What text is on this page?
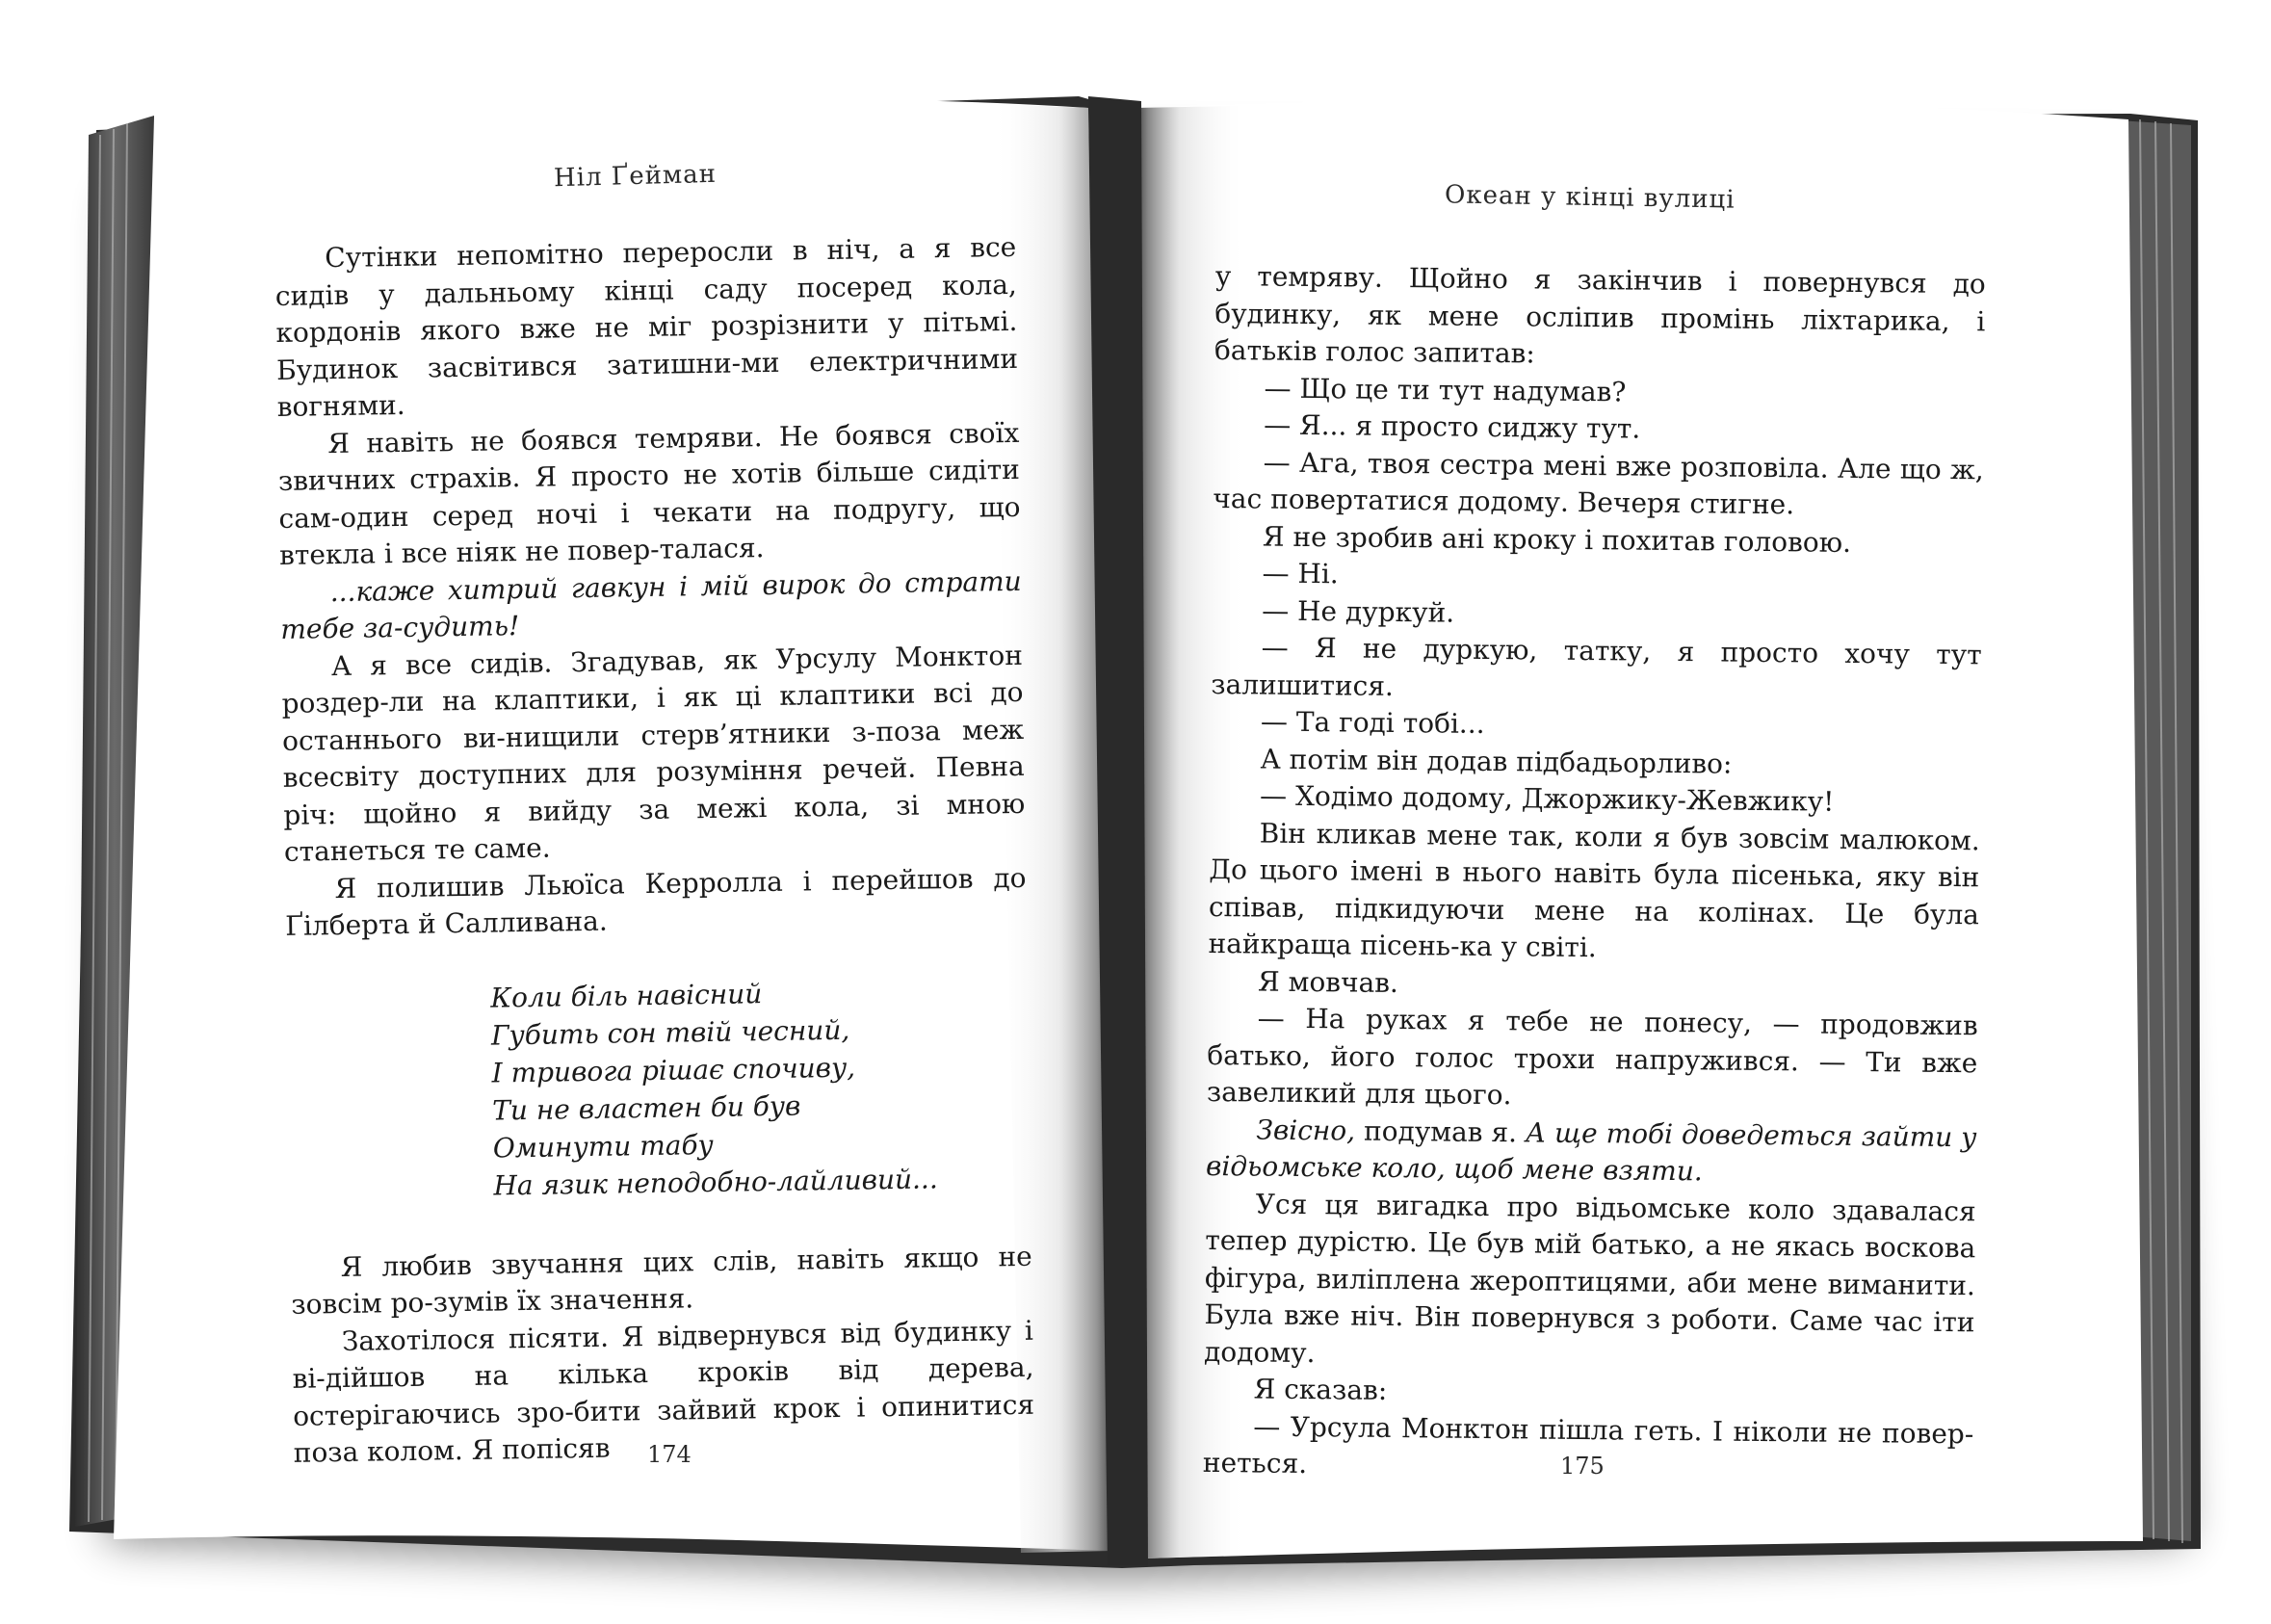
Ніл Ґейман
Океан у кінці вулиці

Сутінки непомітно переросли в ніч, а я все сидів у дальньому кінці саду посеред кола, кордонів якого вже не міг розрізнити у пітьмі. Будинок засвітився затишни-ми електричними вогнями.

Я навіть не боявся темряви. Не боявся своїх звичних страхів. Я просто не хотів більше сидіти сам-один серед ночі і чекати на подругу, що втекла і все ніяк не повер-талася.

...каже хитрий гавкун і мій вирок до страти тебе за-судить!

А я все сидів. Згадував, як Урсулу Монктон роздер-ли на клаптики, і як ці клаптики всі до останнього ви-нищили стерв’ятники з-поза меж всесвіту доступних для розуміння речей. Певна річ: щойно я вийду за межі кола, зі мною станеться те саме.

Я полишив Льюїса Керролла і перейшов до Ґілберта й Салливана.

Коли біль навісний
Губить сон твій чесний,
І тривога рішає спочиву,
Ти не властен би був
Оминути табу
На язик неподобно-лайливий...

Я любив звучання цих слів, навіть якщо не зовсім ро-зумів їх значення.

Захотілося пісяти. Я відвернувся від будинку і ві-дійшов на кілька кроків від дерева, остерігаючись зро-бити зайвий крок і опинитися поза колом. Я попісяв

у темряву. Щойно я закінчив і повернувся до будинку, як мене осліпив промінь ліхтарика, і батьків голос запитав:

— Що це ти тут надумав?

— Я... я просто сиджу тут.

— Ага, твоя сестра мені вже розповіла. Але що ж, час повертатися додому. Вечеря стигне.

Я не зробив ані кроку і похитав головою.

— Ні.

— Не дуркуй.

— Я не дуркую, татку, я просто хочу тут залишитися.

— Та годі тобі...

А потім він додав підбадьорливо:

— Ходімо додому, Джоржику-Жевжику!

Він кликав мене так, коли я був зовсім малюком. До цього імені в нього навіть була пісенька, яку він співав, підкидуючи мене на колінах. Це була найкраща пісень-ка у світі.

Я мовчав.

— На руках я тебе не понесу, — продовжив батько, його голос трохи напружився. — Ти вже завеликий для цього.

Звісно, подумав я. А ще тобі доведеться зайти у відьомське коло, щоб мене взяти.

Уся ця вигадка про відьомське коло здавалася тепер дурістю. Це був мій батько, а не якась воскова фігура, виліплена жероптицями, аби мене виманити. Була вже ніч. Він повернувся з роботи. Саме час іти додому.

Я сказав:

— Урсула Монктон пішла геть. І ніколи не повер-неться.

174	175
